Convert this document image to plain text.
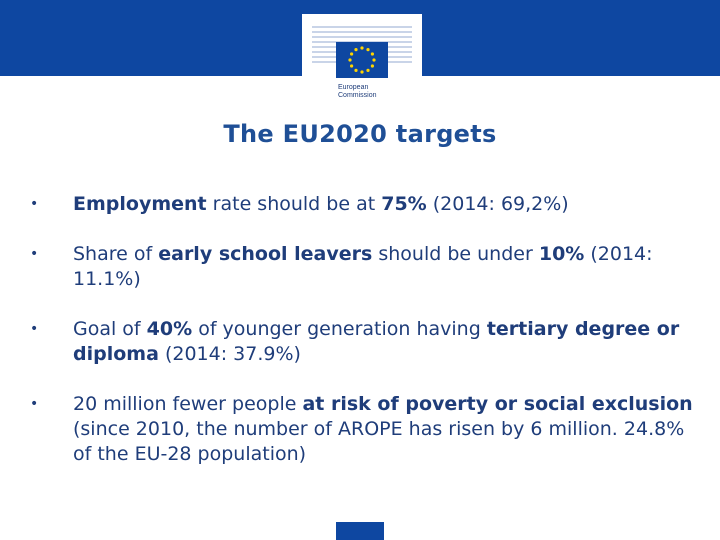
European
Commission
The EU2020 targets
• Employment rate should be at 75% (2014: 69,2%)
• Share of early school leavers should be under 10% (2014: 11.1%)
• Goal of 40% of younger generation having tertiary degree or diploma (2014: 37.9%)
• 20 million fewer people at risk of poverty or social exclusion (since 2010, the number of AROPE has risen by 6 million. 24.8% of the EU-28 population)
